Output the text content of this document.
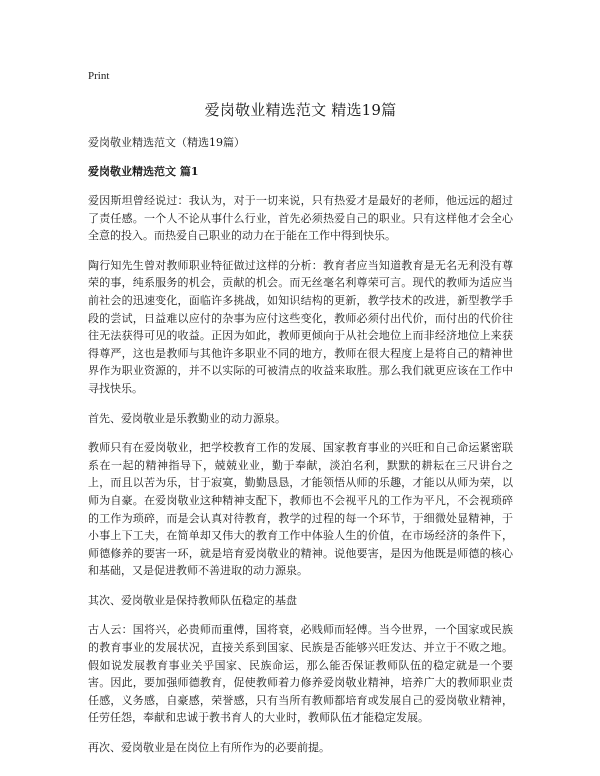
Print
爱岗敬业精选范文 精选19篇

爱岗敬业精选范文（精选19篇）

爱岗敬业精选范文 篇1

爱因斯坦曾经说过：我认为，对于一切来说，只有热爱才是最好的老师，他远远的超过了责任感。一个人不论从事什么行业，首先必须热爱自己的职业。只有这样他才会全心全意的投入。而热爱自己职业的动力在于能在工作中得到快乐。

陶行知先生曾对教师职业特征做过这样的分析：教育者应当知道教育是无名无利没有尊荣的事，纯系服务的机会，贡献的机会。而无丝毫名利尊荣可言。现代的教师为适应当前社会的迅速变化，面临许多挑战，如知识结构的更新，教学技术的改进，新型教学手段的尝试，日益难以应付的杂事为应付这些变化，教师必须付出代价，而付出的代价往往无法获得可见的收益。正因为如此，教师更倾向于从社会地位上而非经济地位上来获得尊严，这也是教师与其他许多职业不同的地方，教师在很大程度上是将自己的精神世界作为职业资源的，并不以实际的可被清点的收益来取胜。那么我们就更应该在工作中寻找快乐。

首先、爱岗敬业是乐教勤业的动力源泉。

教师只有在爱岗敬业，把学校教育工作的发展、国家教育事业的兴旺和自己命运紧密联系在一起的精神指导下，兢兢业业，勤于奉献，淡泊名利，默默的耕耘在三尺讲台之上，而且以苦为乐，甘于寂寞，勤勤恳恳，才能领悟从师的乐趣，才能以从师为荣，以师为自豪。在爱岗敬业这种精神支配下，教师也不会视平凡的工作为平凡，不会视琐碎的工作为琐碎，而是会认真对待教育，教学的过程的每一个环节，于细微处显精神，于小事上下工夫，在简单却又伟大的教育工作中体验人生的价值，在市场经济的条件下，师德修养的要害一环，就是培育爱岗敬业的精神。说他要害，是因为他既是师德的核心和基础，又是促进教师不善进取的动力源泉。

其次、爱岗敬业是保持教师队伍稳定的基盘

古人云：国将兴，必贵师而重傅，国将衰，必贱师而轻傅。当今世界，一个国家或民族的教育事业的发展状况，直接关系到国家、民族是否能够兴旺发达、并立于不败之地。假如说发展教育事业关乎国家、民族命运，那么能否保证教师队伍的稳定就是一个要害。因此，要加强师德教育，促使教师着力修养爱岗敬业精神，培养广大的教师职业责任感，义务感，自豪感，荣誉感，只有当所有教师都培育或发展自己的爱岗敬业精神，任劳任怨，奉献和忠诚于教书育人的大业时，教师队伍才能稳定发展。

再次、爱岗敬业是在岗位上有所作为的必要前提。
